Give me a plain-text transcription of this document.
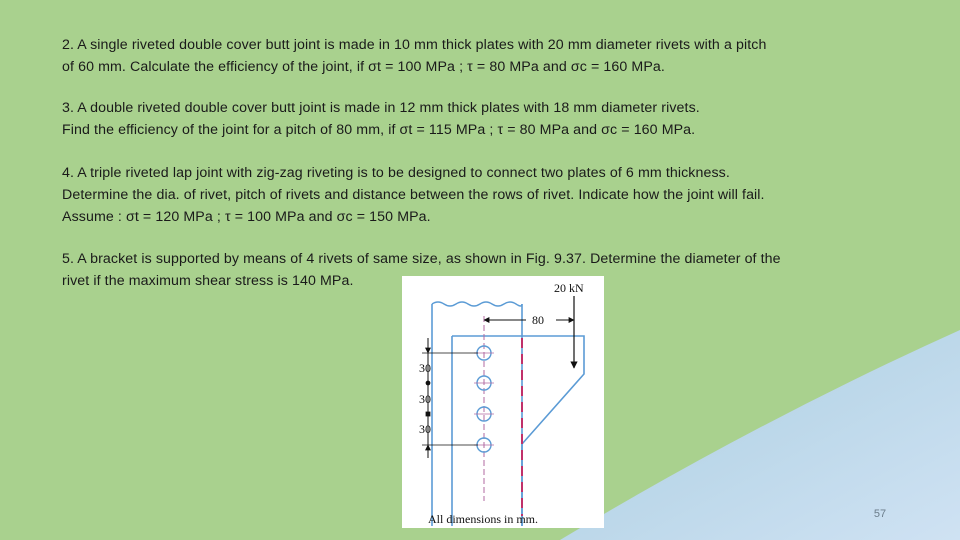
2. A single riveted double cover butt joint is made in 10 mm thick plates with 20 mm diameter rivets with a pitch
of 60 mm. Calculate the efficiency of the joint, if σt = 100 MPa ; τ = 80 MPa and σc = 160 MPa.
3. A double riveted double cover butt joint is made in 12 mm thick plates with 18 mm diameter rivets.
Find the efficiency of the joint for a pitch of 80 mm, if σt = 115 MPa ; τ = 80 MPa and σc = 160 MPa.
4. A triple riveted lap joint with zig-zag riveting is to be designed to connect two plates of 6 mm thickness.
Determine the dia. of rivet, pitch of rivets and distance between the rows of rivet. Indicate how the joint will fail.
Assume : σt = 120 MPa ; τ = 100 MPa and σc = 150 MPa.
5. A bracket is supported by means of 4 rivets of same size, as shown in Fig. 9.37. Determine the diameter of the
rivet if the maximum shear stress is 140 MPa.	20 kN
80
30
30
30
All dimensions in mm.	57
